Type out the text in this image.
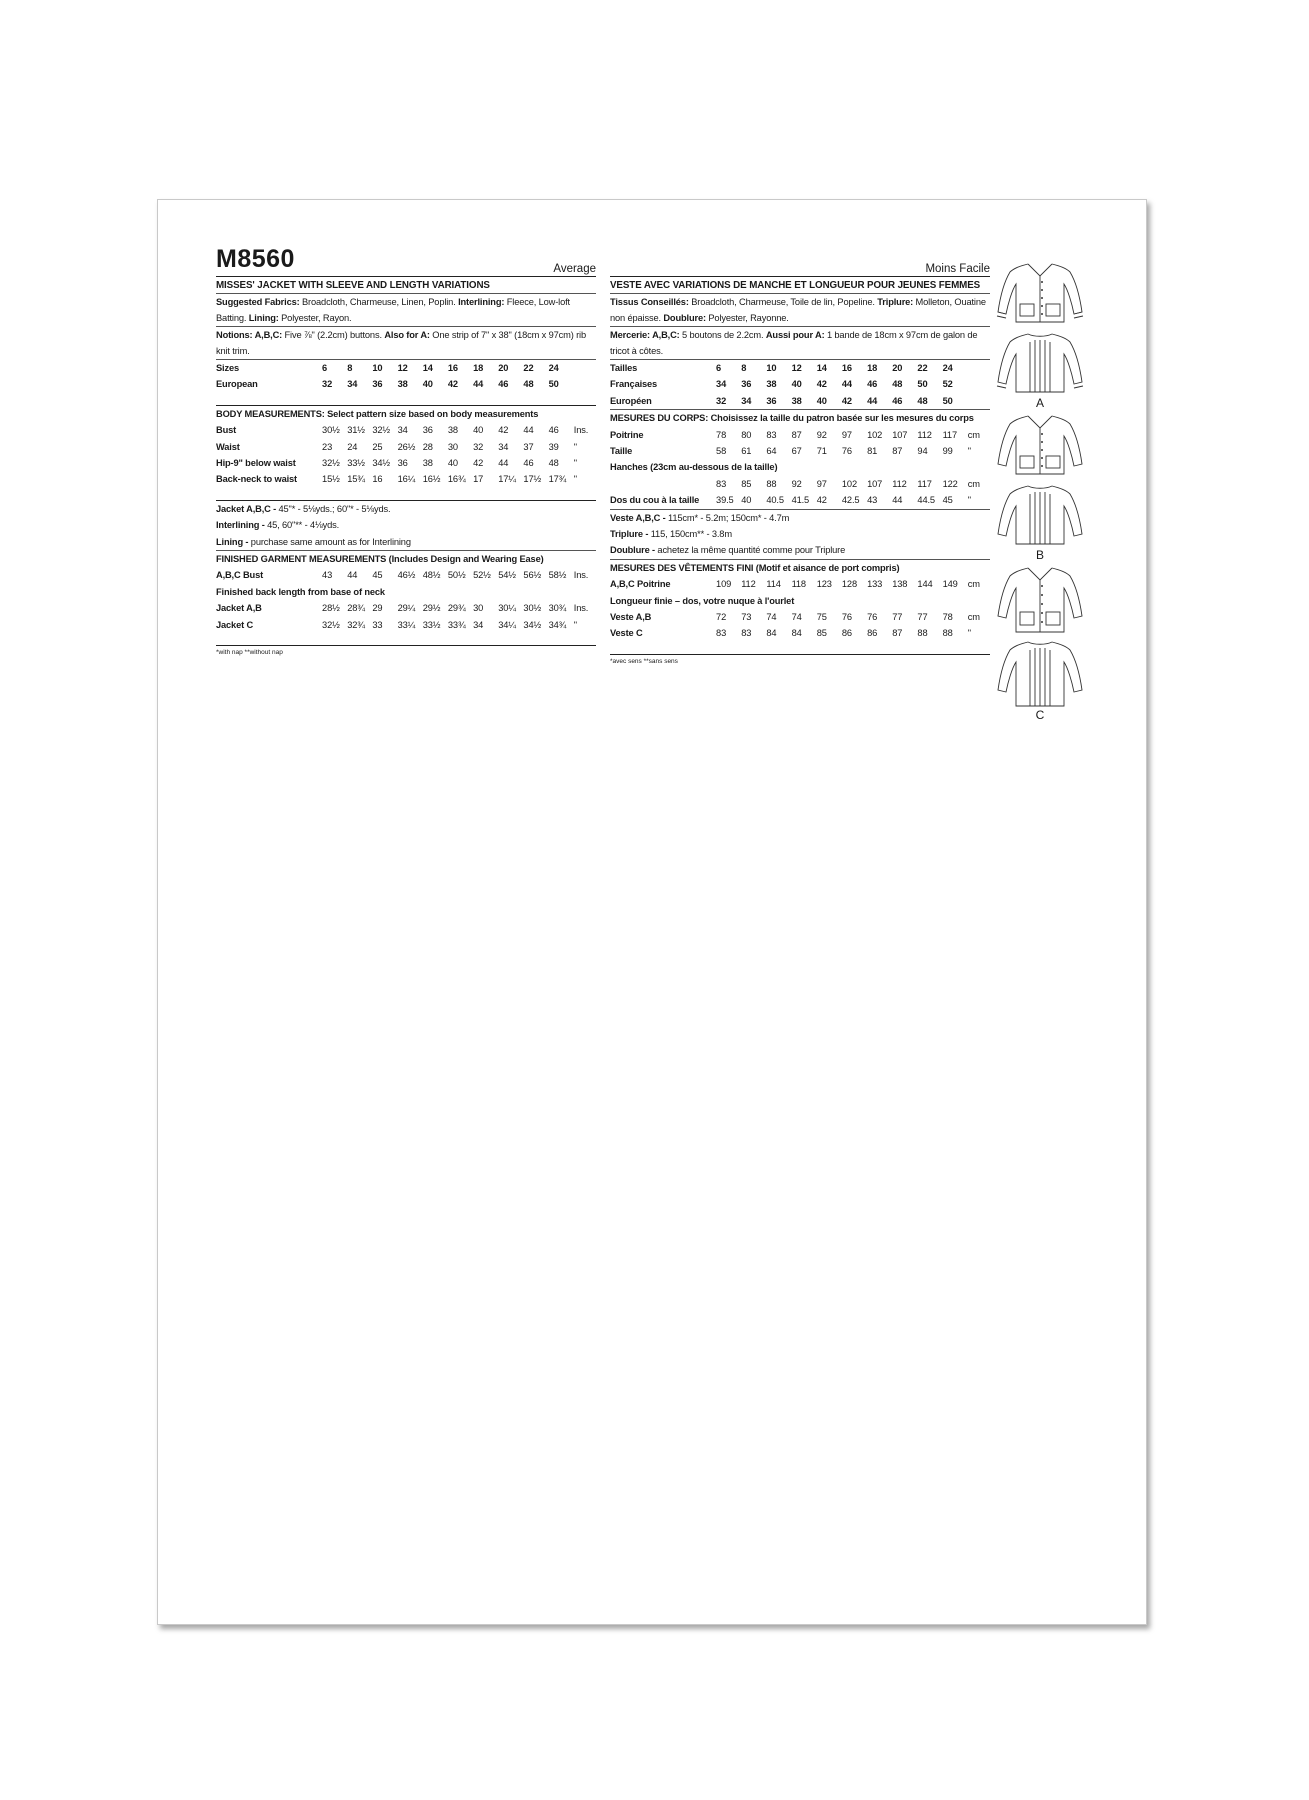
M8560	Average
MISSES' JACKET WITH SLEEVE AND LENGTH VARIATIONS
Suggested Fabrics: Broadcloth, Charmeuse, Linen, Poplin. Interlining: Fleece, Low-loft Batting. Lining: Polyester, Rayon.
Notions: A,B,C: Five ⅞" (2.2cm) buttons. Also for A: One strip of 7" x 38" (18cm x 97cm) rib knit trim.
Sizes	6	8	10	12	14	16	18	20	22	24	
European	32	34	36	38	40	42	44	46	48	50	
BODY MEASUREMENTS: Select pattern size based on body measurements
Bust	30½	31½	32½	34	36	38	40	42	44	46	Ins.
Waist	23	24	25	26½	28	30	32	34	37	39	"
Hip-9" below waist	32½	33½	34½	36	38	40	42	44	46	48	"
Back-neck to waist	15½	15¾	16	16¼	16½	16¾	17	17¼	17½	17¾	"
Jacket A,B,C - 45"* - 5⅛yds.; 60"* - 5⅛yds.
Interlining - 45, 60"** - 4⅛yds.
Lining - purchase same amount as for Interlining
FINISHED GARMENT MEASUREMENTS (Includes Design and Wearing Ease)
A,B,C Bust	43	44	45	46½	48½	50½	52½	54½	56½	58½	Ins.
Finished back length from base of neck
Jacket A,B	28½	28¾	29	29¼	29½	29¾	30	30¼	30½	30¾	Ins.
Jacket C	32½	32¾	33	33¼	33½	33¾	34	34¼	34½	34¾	"
*with nap **without nap
Moins Facile
VESTE AVEC VARIATIONS DE MANCHE ET LONGUEUR POUR JEUNES FEMMES
Tissus Conseillés: Broadcloth, Charmeuse, Toile de lin, Popeline. Triplure: Molleton, Ouatine non épaisse. Doublure: Polyester, Rayonne.
Mercerie: A,B,C: 5 boutons de 2.2cm. Aussi pour A: 1 bande de 18cm x 97cm de galon de tricot à côtes.
Tailles	6	8	10	12	14	16	18	20	22	24	
Françaises	34	36	38	40	42	44	46	48	50	52	
Européen	32	34	36	38	40	42	44	46	48	50	
MESURES DU CORPS: Choisissez la taille du patron basée sur les mesures du corps
Poitrine	78	80	83	87	92	97	102	107	112	117	cm
Taille	58	61	64	67	71	76	81	87	94	99	"
Hanches (23cm au-dessous de la taille)
	83	85	88	92	97	102	107	112	117	122	cm
Dos du cou à la taille	39.5	40	40.5	41.5	42	42.5	43	44	44.5	45	"
Veste A,B,C - 115cm* - 5.2m; 150cm* - 4.7m
Triplure - 115, 150cm** - 3.8m
Doublure - achetez la même quantité comme pour Triplure
MESURES DES VÊTEMENTS FINI (Motif et aisance de port compris)
A,B,C Poitrine	109	112	114	118	123	128	133	138	144	149	cm
Longueur finie – dos, votre nuque à l'ourlet
Veste A,B	72	73	74	74	75	76	76	77	77	78	cm
Veste C	83	83	84	84	85	86	86	87	88	88	"
*avec sens **sans sens
A
B
C
